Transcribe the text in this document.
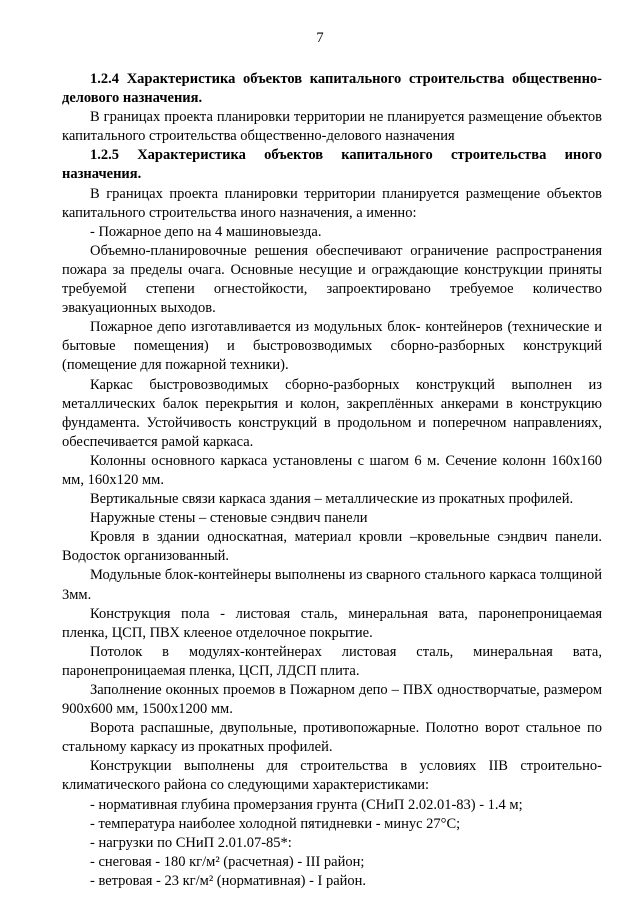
7

1.2.4 Характеристика объектов капитального строительства общественно-делового назначения.

В границах проекта планировки территории не планируется размещение объектов капитального строительства общественно-делового назначения

1.2.5 Характеристика объектов капитального строительства иного назначения.

В границах проекта планировки территории планируется размещение объектов капитального строительства иного назначения, а именно:

- Пожарное депо на 4 машиновыезда.

Объемно-планировочные решения обеспечивают ограничение распространения пожара за пределы очага. Основные несущие и ограждающие конструкции приняты требуемой степени огнестойкости, запроектировано требуемое количество эвакуационных выходов.

Пожарное депо изготавливается из модульных блок- контейнеров (технические и бытовые помещения) и быстровозводимых сборно-разборных конструкций (помещение для пожарной техники).

Каркас быстровозводимых сборно-разборных конструкций выполнен из металлических балок перекрытия и колон, закреплённых анкерами в конструкцию фундамента. Устойчивость конструкций в продольном и поперечном направлениях, обеспечивается рамой каркаса.

Колонны основного каркаса установлены с шагом 6 м. Сечение колонн 160х160 мм, 160х120 мм.

Вертикальные связи каркаса здания – металлические из прокатных профилей.

Наружные стены – стеновые сэндвич панели

Кровля в здании односкатная, материал кровли –кровельные сэндвич панели. Водосток организованный.

Модульные блок-контейнеры выполнены из сварного стального каркаса толщиной 3мм.

Конструкция пола - листовая сталь, минеральная вата, паронепроницаемая пленка, ЦСП, ПВХ клееное отделочное покрытие.

Потолок в модулях-контейнерах листовая сталь, минеральная вата, паронепроницаемая пленка, ЦСП, ЛДСП плита.

Заполнение оконных проемов в Пожарном депо – ПВХ одностворчатые, размером 900х600 мм, 1500х1200 мм.

Ворота распашные, двупольные, противопожарные. Полотно ворот стальное по стальному каркасу из прокатных профилей.

Конструкции выполнены для строительства в условиях IIВ строительно-климатического района со следующими характеристиками:

- нормативная глубина промерзания грунта (СНиП 2.02.01-83) - 1.4 м;

- температура наиболее холодной пятидневки - минус 27°С;

- нагрузки по СНиП 2.01.07-85*:

- снеговая - 180 кг/м² (расчетная) - III район;

- ветровая - 23 кг/м² (нормативная) - I район.
